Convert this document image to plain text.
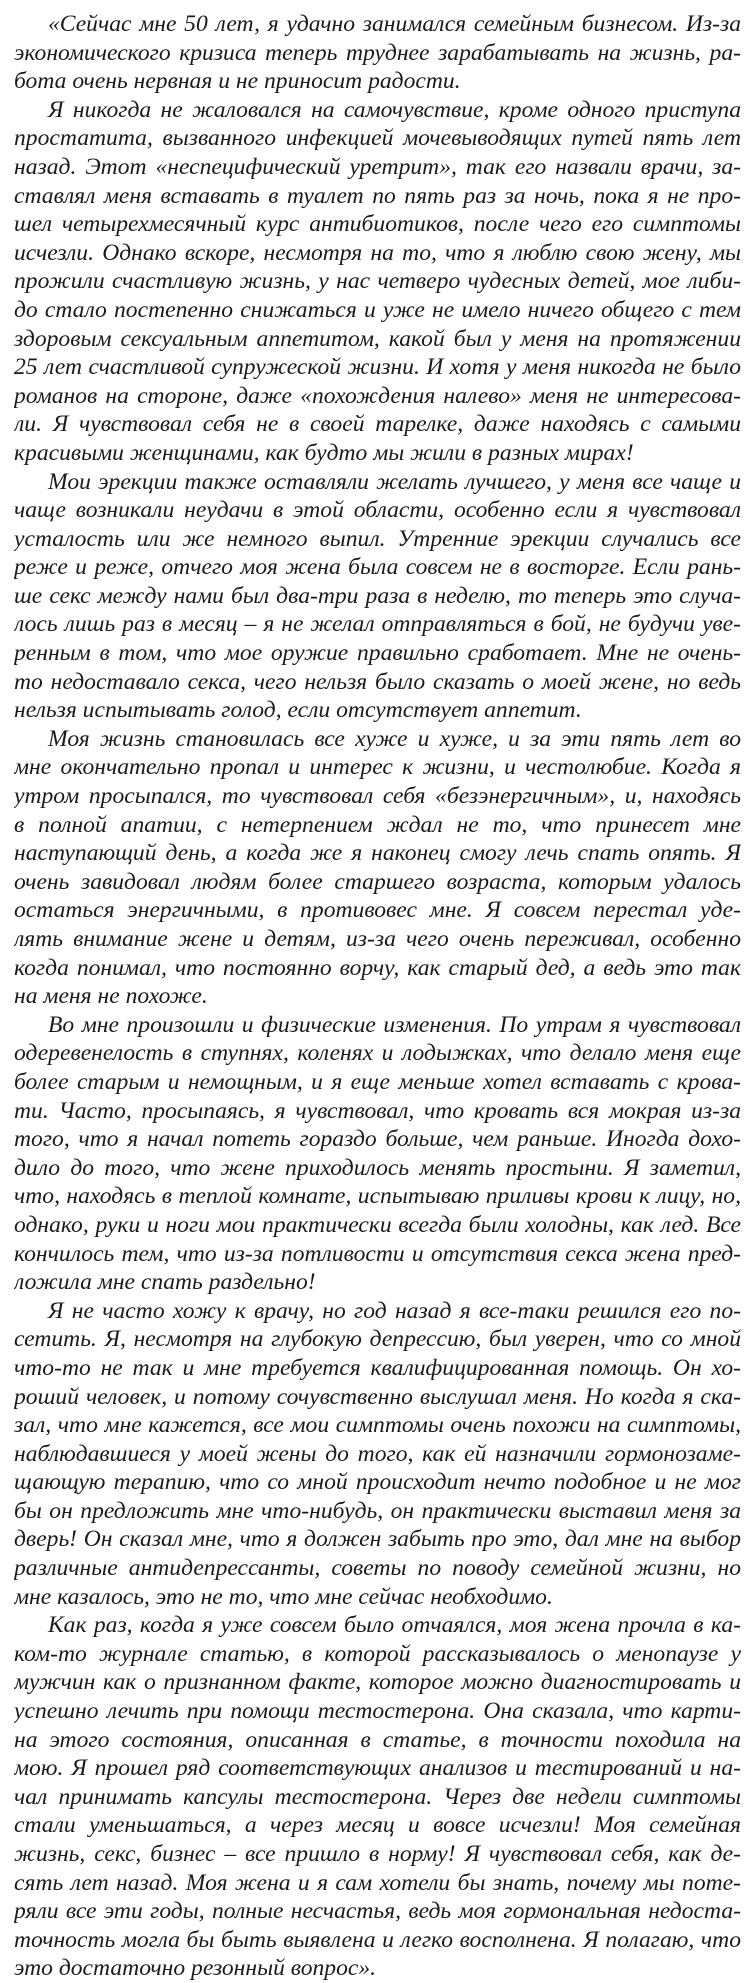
«Сейчас мне 50 лет, я удачно занимался семейным бизнесом. Из-за
экономического кризиса теперь труднее зарабатывать на жизнь, ра-
бота очень нервная и не приносит радости.
Я никогда не жаловался на самочувствие, кроме одного приступа
простатита, вызванного инфекцией мочевыводящих путей пять лет
назад. Этот «неспецифический уретрит», так его назвали врачи, за-
ставлял меня вставать в туалет по пять раз за ночь, пока я не про-
шел четырехмесячный курс антибиотиков, после чего его симптомы
исчезли. Однако вскоре, несмотря на то, что я люблю свою жену, мы
прожили счастливую жизнь, у нас четверо чудесных детей, мое либи-
до стало постепенно снижаться и уже не имело ничего общего с тем
здоровым сексуальным аппетитом, какой был у меня на протяжении
25 лет счастливой супружеской жизни. И хотя у меня никогда не было
романов на стороне, даже «похождения налево» меня не интересова-
ли. Я чувствовал себя не в своей тарелке, даже находясь с самыми
красивыми женщинами, как будто мы жили в разных мирах!
Мои эрекции также оставляли желать лучшего, у меня все чаще и
чаще возникали неудачи в этой области, особенно если я чувствовал
усталость или же немного выпил. Утренние эрекции случались все
реже и реже, отчего моя жена была совсем не в восторге. Если рань-
ше секс между нами был два-три раза в неделю, то теперь это случа-
лось лишь раз в месяц – я не желал отправляться в бой, не будучи уве-
ренным в том, что мое оружие правильно сработает. Мне не очень-
то недоставало секса, чего нельзя было сказать о моей жене, но ведь
нельзя испытывать голод, если отсутствует аппетит.
Моя жизнь становилась все хуже и хуже, и за эти пять лет во
мне окончательно пропал и интерес к жизни, и честолюбие. Когда я
утром просыпался, то чувствовал себя «безэнергичным», и, находясь
в полной апатии, с нетерпением ждал не то, что принесет мне
наступающий день, а когда же я наконец смогу лечь спать опять. Я
очень завидовал людям более старшего возраста, которым удалось
остаться энергичными, в противовес мне. Я совсем перестал уде-
лять внимание жене и детям, из-за чего очень переживал, особенно
когда понимал, что постоянно ворчу, как старый дед, а ведь это так
на меня не похоже.
Во мне произошли и физические изменения. По утрам я чувствовал
одеревенелость в ступнях, коленях и лодыжках, что делало меня еще
более старым и немощным, и я еще меньше хотел вставать с крова-
ти. Часто, просыпаясь, я чувствовал, что кровать вся мокрая из-за
того, что я начал потеть гораздо больше, чем раньше. Иногда дохо-
дило до того, что жене приходилось менять простыни. Я заметил,
что, находясь в теплой комнате, испытываю приливы крови к лицу, но,
однако, руки и ноги мои практически всегда были холодны, как лед. Все
кончилось тем, что из-за потливости и отсутствия секса жена пред-
ложила мне спать раздельно!
Я не часто хожу к врачу, но год назад я все-таки решился его по-
сетить. Я, несмотря на глубокую депрессию, был уверен, что со мной
что-то не так и мне требуется квалифицированная помощь. Он хо-
роший человек, и потому сочувственно выслушал меня. Но когда я ска-
зал, что мне кажется, все мои симптомы очень похожи на симптомы,
наблюдавшиеся у моей жены до того, как ей назначили гормонозаме-
щающую терапию, что со мной происходит нечто подобное и не мог
бы он предложить мне что-нибудь, он практически выставил меня за
дверь! Он сказал мне, что я должен забыть про это, дал мне на выбор
различные антидепрессанты, советы по поводу семейной жизни, но
мне казалось, это не то, что мне сейчас необходимо.
Как раз, когда я уже совсем было отчаялся, моя жена прочла в ка-
ком-то журнале статью, в которой рассказывалось о менопаузе у
мужчин как о признанном факте, которое можно диагностировать и
успешно лечить при помощи тестостерона. Она сказала, что карти-
на этого состояния, описанная в статье, в точности походила на
мою. Я прошел ряд соответствующих анализов и тестирований и на-
чал принимать капсулы тестостерона. Через две недели симптомы
стали уменьшаться, а через месяц и вовсе исчезли! Моя семейная
жизнь, секс, бизнес – все пришло в норму! Я чувствовал себя, как де-
сять лет назад. Моя жена и я сам хотели бы знать, почему мы поте-
ряли все эти годы, полные несчастья, ведь моя гормональная недоста-
точность могла бы быть выявлена и легко восполнена. Я полагаю, что
это достаточно резонный вопрос».
